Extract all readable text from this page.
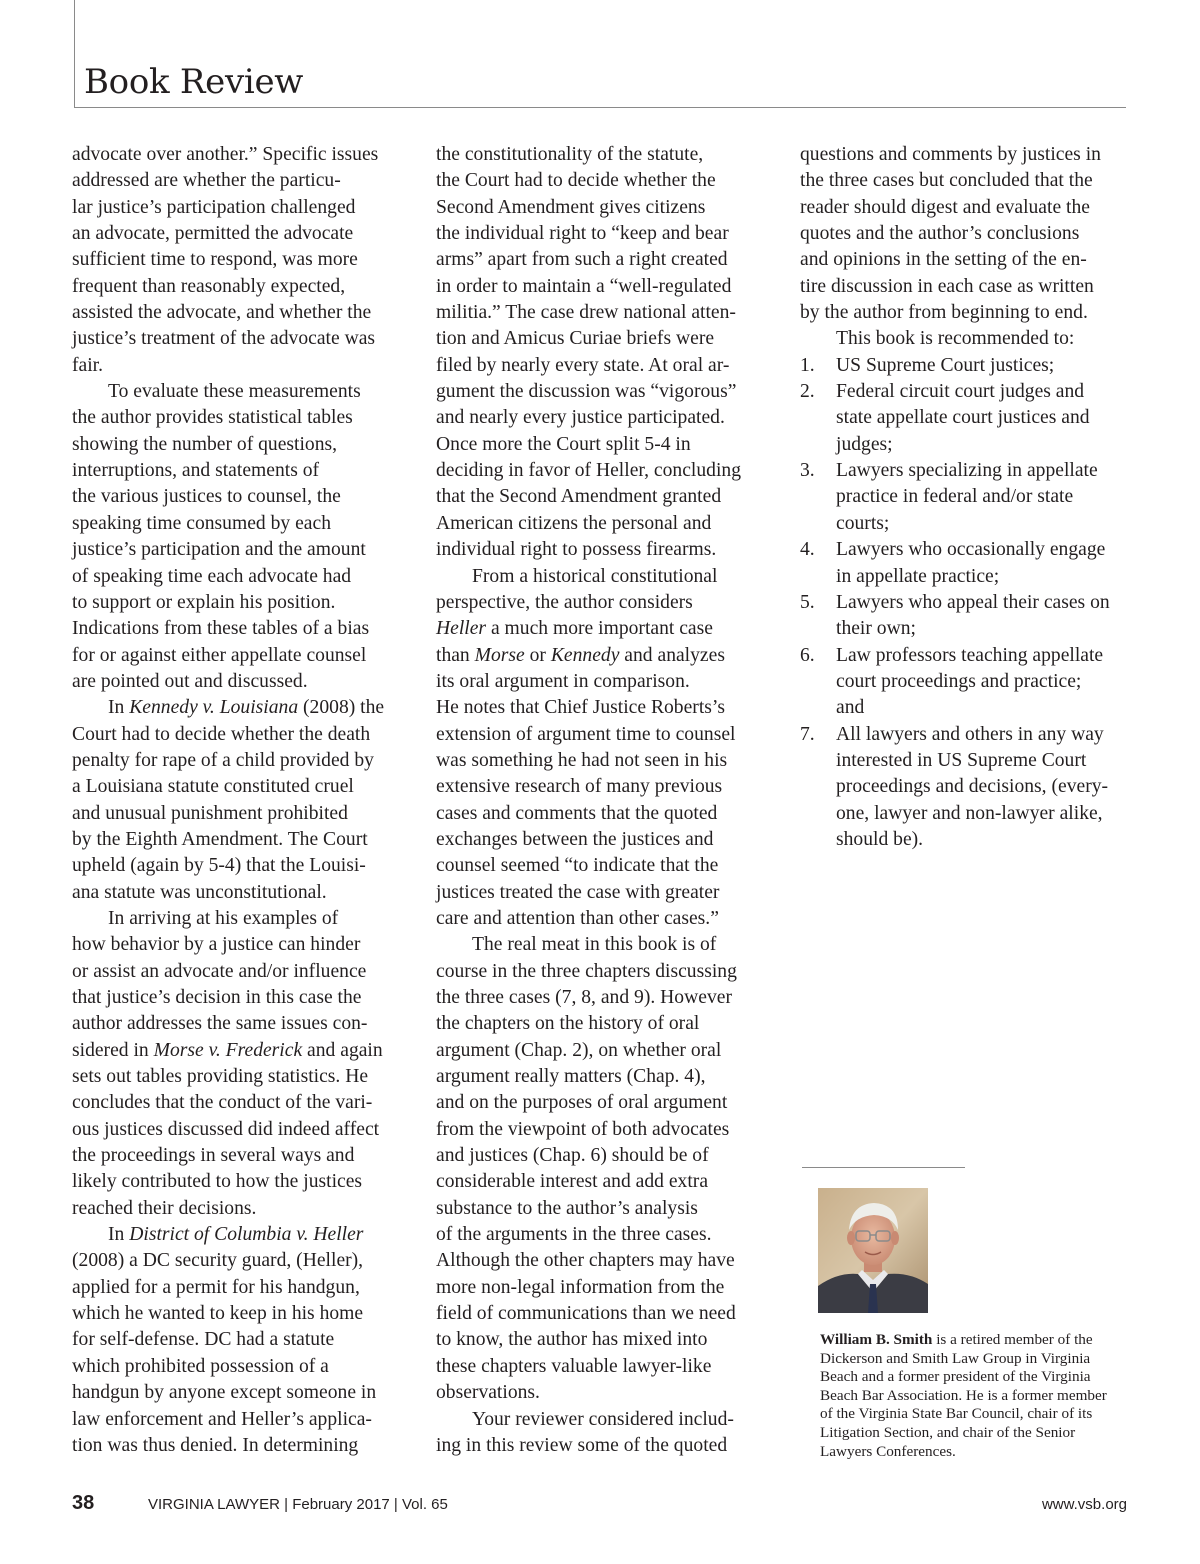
Book Review
advocate over another.” Specific issues
addressed are whether the particu-
lar justice’s participation challenged
an advocate, permitted the advocate
sufficient time to respond, was more
frequent than reasonably expected,
assisted the advocate, and whether the
justice’s treatment of the advocate was
fair.
To evaluate these measurements
the author provides statistical tables
showing the number of questions,
interruptions, and statements of
the various justices to counsel, the
speaking time consumed by each
justice’s participation and the amount
of speaking time each advocate had
to support or explain his position.
Indications from these tables of a bias
for or against either appellate counsel
are pointed out and discussed.
In Kennedy v. Louisiana (2008) the
Court had to decide whether the death
penalty for rape of a child provided by
a Louisiana statute constituted cruel
and unusual punishment prohibited
by the Eighth Amendment. The Court
upheld (again by 5-4) that the Louisi-
ana statute was unconstitutional.
In arriving at his examples of
how behavior by a justice can hinder
or assist an advocate and/or influence
that justice’s decision in this case the
author addresses the same issues con-
sidered in Morse v. Frederick and again
sets out tables providing statistics. He
concludes that the conduct of the vari-
ous justices discussed did indeed affect
the proceedings in several ways and
likely contributed to how the justices
reached their decisions.
In District of Columbia v. Heller
(2008) a DC security guard, (Heller),
applied for a permit for his handgun,
which he wanted to keep in his home
for self-defense. DC had a statute
which prohibited possession of a
handgun by anyone except someone in
law enforcement and Heller’s applica-
tion was thus denied. In determining
the constitutionality of the statute,
the Court had to decide whether the
Second Amendment gives citizens
the individual right to “keep and bear
arms” apart from such a right created
in order to maintain a “well-regulated
militia.” The case drew national atten-
tion and Amicus Curiae briefs were
filed by nearly every state. At oral ar-
gument the discussion was “vigorous”
and nearly every justice participated.
Once more the Court split 5-4 in
deciding in favor of Heller, concluding
that the Second Amendment granted
American citizens the personal and
individual right to possess firearms.
From a historical constitutional
perspective, the author considers
Heller a much more important case
than Morse or Kennedy and analyzes
its oral argument in comparison.
He notes that Chief Justice Roberts’s
extension of argument time to counsel
was something he had not seen in his
extensive research of many previous
cases and comments that the quoted
exchanges between the justices and
counsel seemed “to indicate that the
justices treated the case with greater
care and attention than other cases.”
The real meat in this book is of
course in the three chapters discussing
the three cases (7, 8, and 9). However
the chapters on the history of oral
argument (Chap. 2), on whether oral
argument really matters (Chap. 4),
and on the purposes of oral argument
from the viewpoint of both advocates
and justices (Chap. 6) should be of
considerable interest and add extra
substance to the author’s analysis
of the arguments in the three cases.
Although the other chapters may have
more non-legal information from the
field of communications than we need
to know, the author has mixed into
these chapters valuable lawyer-like
observations.
Your reviewer considered includ-
ing in this review some of the quoted
questions and comments by justices in
the three cases but concluded that the
reader should digest and evaluate the
quotes and the author’s conclusions
and opinions in the setting of the en-
tire discussion in each case as written
by the author from beginning to end.
This book is recommended to:
1.	US Supreme Court justices;
2.	Federal circuit court judges and
state appellate court justices and
judges;
3.	Lawyers specializing in appellate
practice in federal and/or state
courts;
4.	Lawyers who occasionally engage
in appellate practice;
5.	Lawyers who appeal their cases on
their own;
6.	Law professors teaching appellate
court proceedings and practice;
and
7.	All lawyers and others in any way
interested in US Supreme Court
proceedings and decisions, (every-
one, lawyer and non-lawyer alike,
should be).
William B. Smith is a retired member of the
Dickerson and Smith Law Group in Virginia
Beach and a former president of the Virginia
Beach Bar Association. He is a former member
of the Virginia State Bar Council, chair of its
Litigation Section, and chair of the Senior
Lawyers Conferences.
38	VIRGINIA LAWYER | February 2017 | Vol. 65	www.vsb.org
